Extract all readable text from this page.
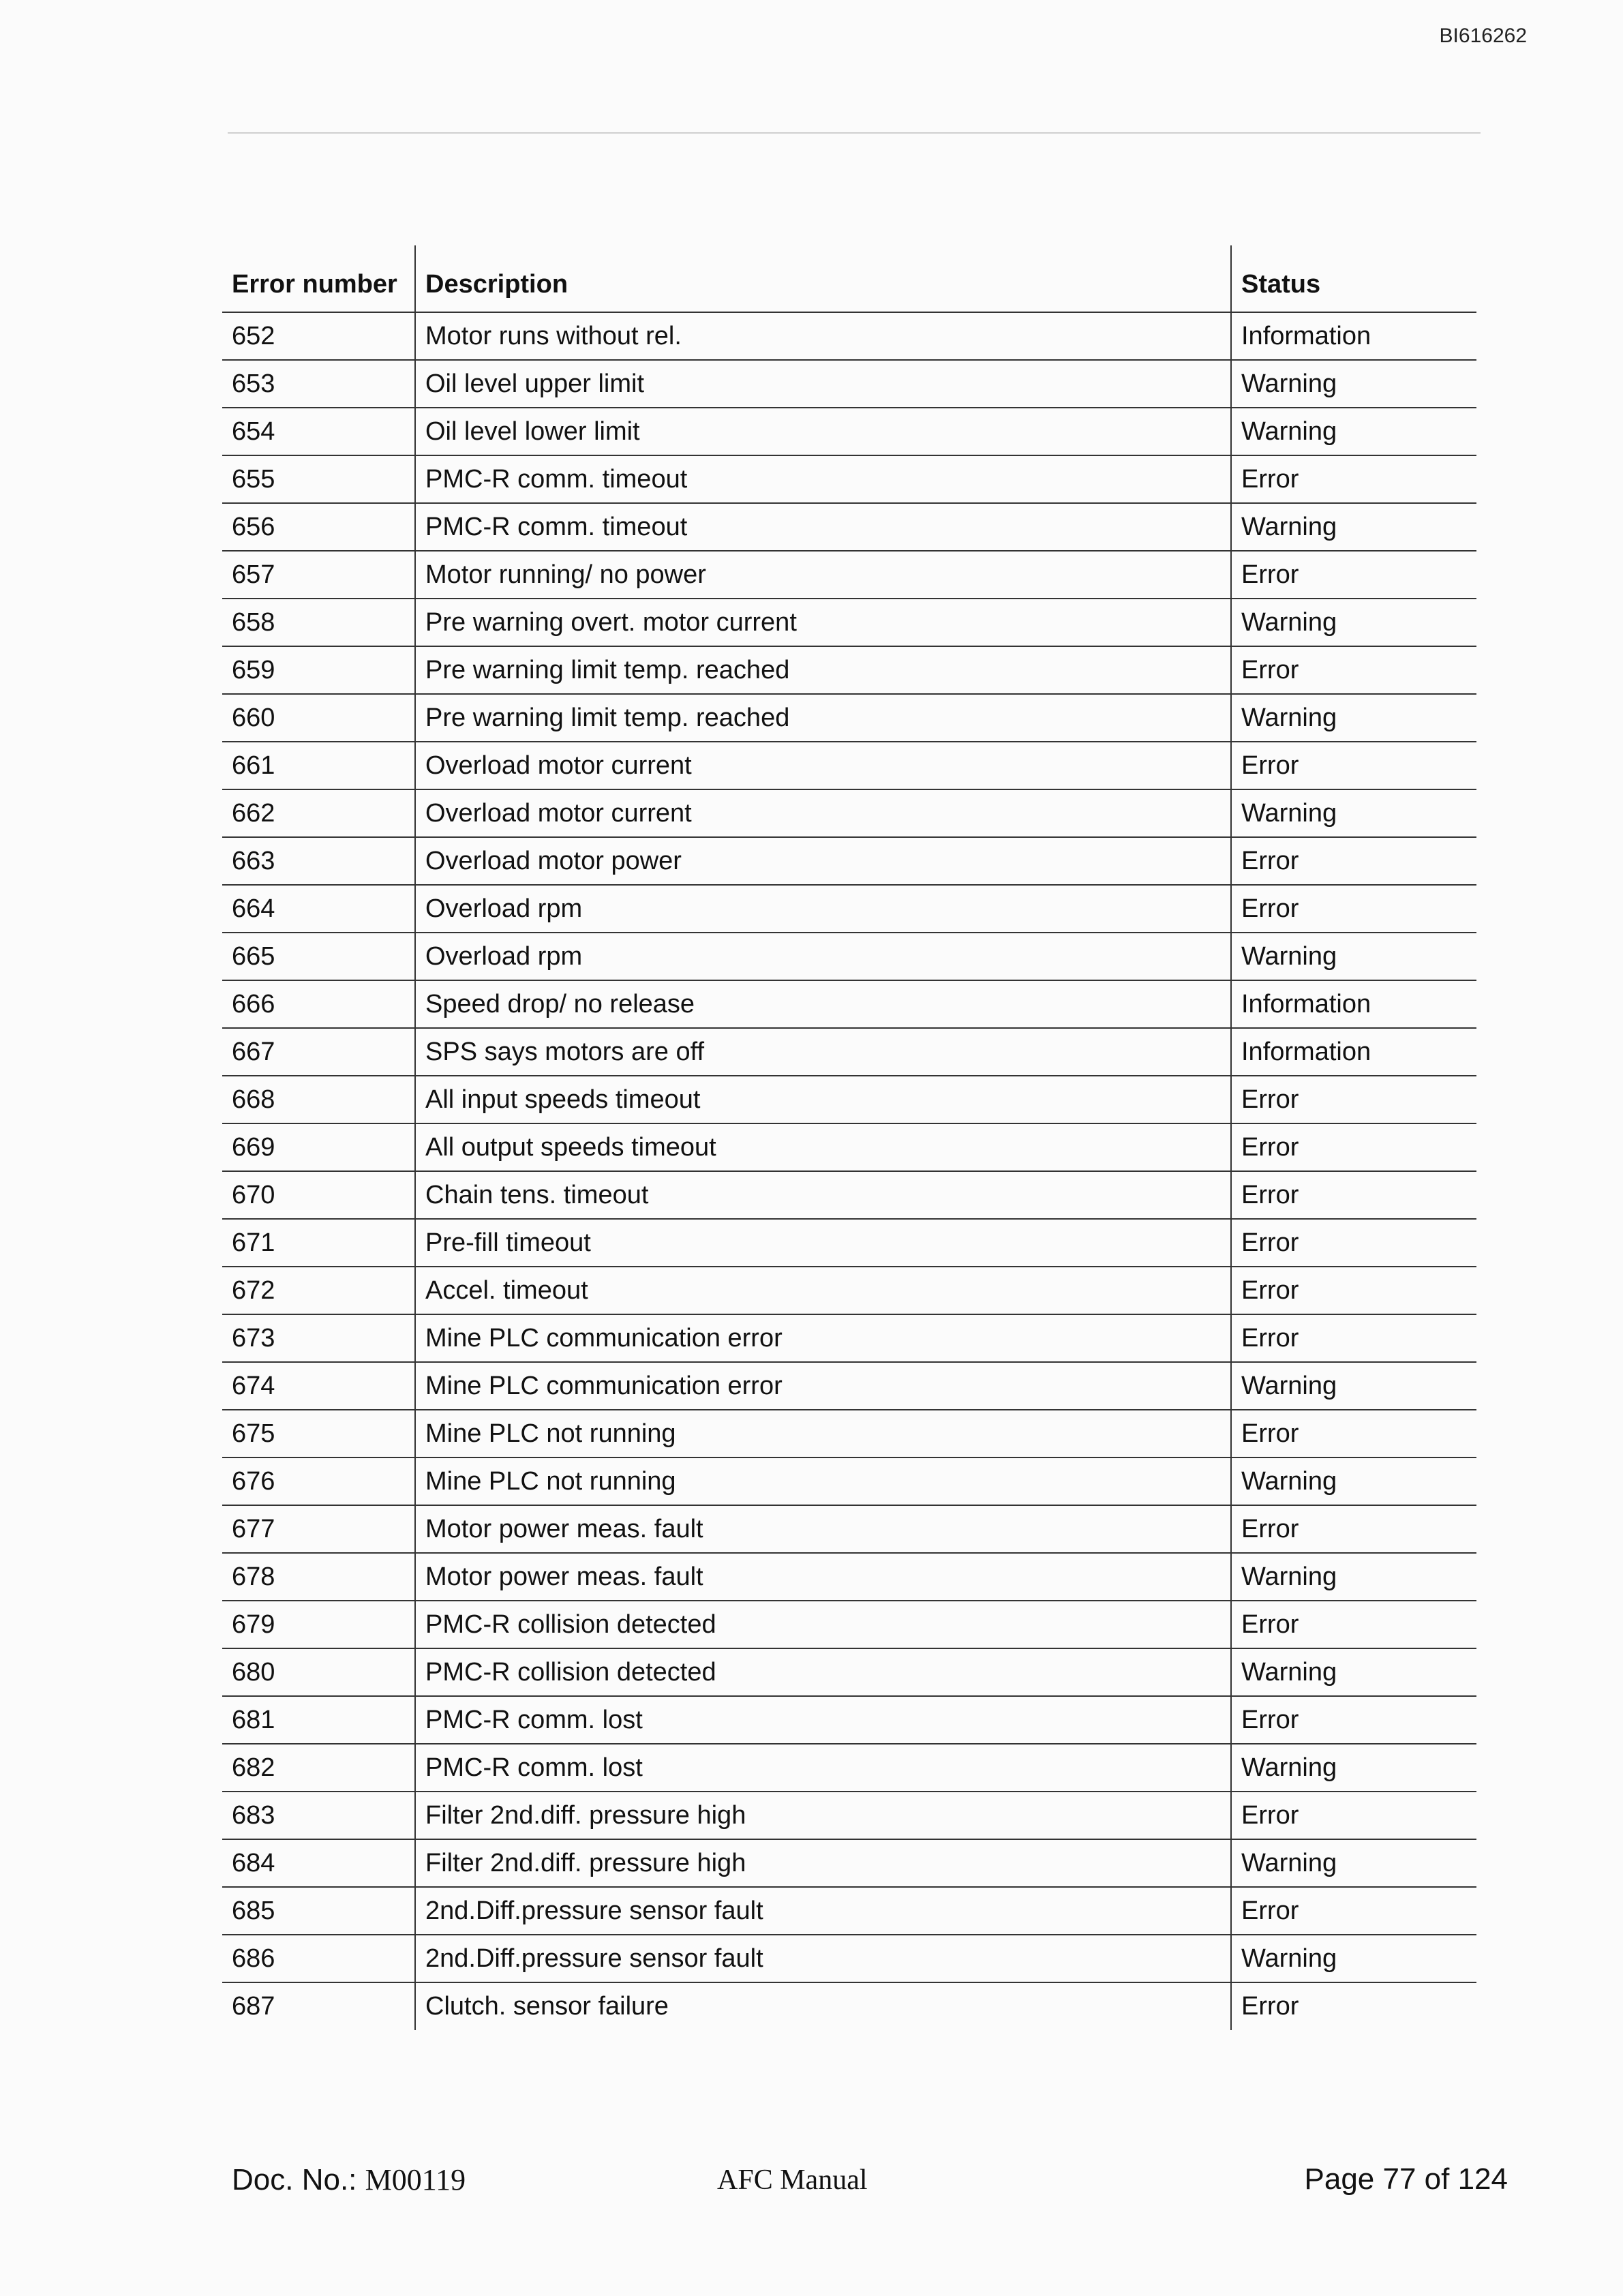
BI616262
Error number	Description	Status
652	Motor runs without rel.	Information
653	Oil level upper limit	Warning
654	Oil level lower limit	Warning
655	PMC-R comm. timeout	Error
656	PMC-R comm. timeout	Warning
657	Motor running/ no power	Error
658	Pre warning overt. motor current	Warning
659	Pre warning limit temp. reached	Error
660	Pre warning limit temp. reached	Warning
661	Overload motor current	Error
662	Overload motor current	Warning
663	Overload motor power	Error
664	Overload rpm	Error
665	Overload rpm	Warning
666	Speed drop/ no release	Information
667	SPS says motors are off	Information
668	All input speeds timeout	Error
669	All output speeds timeout	Error
670	Chain tens. timeout	Error
671	Pre-fill timeout	Error
672	Accel. timeout	Error
673	Mine PLC communication error	Error
674	Mine PLC communication error	Warning
675	Mine PLC not running	Error
676	Mine PLC not running	Warning
677	Motor power meas. fault	Error
678	Motor power meas. fault	Warning
679	PMC-R collision detected	Error
680	PMC-R collision detected	Warning
681	PMC-R comm. lost	Error
682	PMC-R comm. lost	Warning
683	Filter 2nd.diff. pressure high	Error
684	Filter 2nd.diff. pressure high	Warning
685	2nd.Diff.pressure sensor fault	Error
686	2nd.Diff.pressure sensor fault	Warning
687	Clutch. sensor failure	Error
Doc. No.: M00119	AFC Manual	Page 77 of 124
